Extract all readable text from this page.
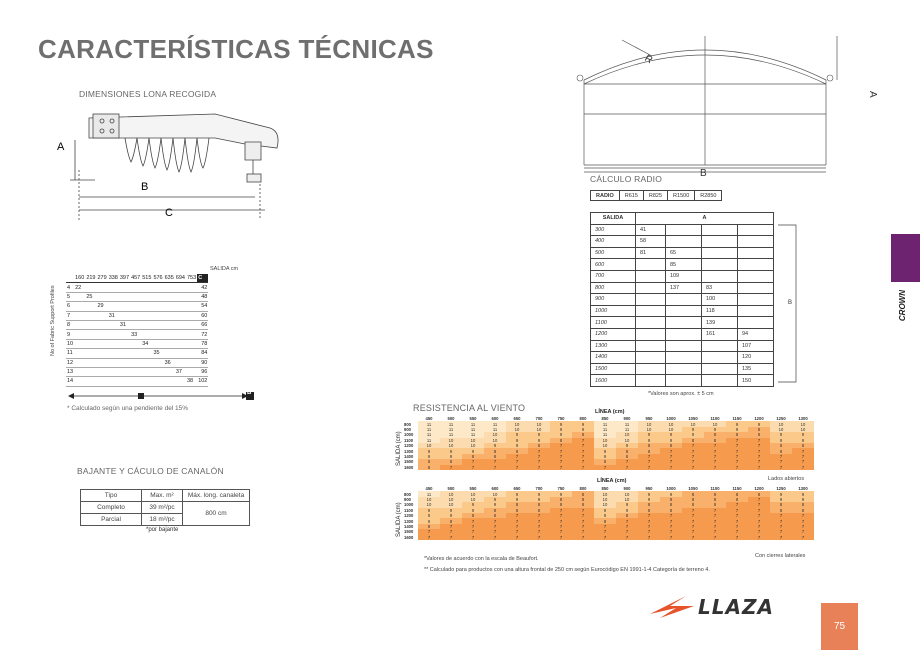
CARACTERÍSTICAS TÉCNICAS
DIMENSIONES LONA RECOGIDA
A
B
C
SALIDA cm
No of Fabric Support Profiles
	160	219	279	338	397	457	515	576	635	694	753	C
4	22											42
5		25										48
6			29									54
7				31								60
8					31							66
9						33						72
10							34					78
11								35				84
12									36			90
13										37		96
14											38	102
B
* Calculado según una pendiente del 15%
BAJANTE Y CÁCULO DE CANALÓN
Tipo	Max. m²	Máx. long. canaleta
Completo	39 m²/pc	800 cm
Parcial	18 m²/pc	
*por bajante
R
A
B
CÁLCULO RADIO
RADIO	R615	R825	R1500	R2850
SALIDA	A			
300	41			
400	58			
500	81	65		
600		85		
700		109		
800		137	83	
900			100	
1000			118	
1100			139	
1200			161	94
1300				107
1400				120
1500				135
1600				150
B
*Valores son aprox. ± 5 cm
RESISTENCIA AL VIENTO	LÍNEA (cm)
SALIDA (cm)
	450	500	550	600	650	700	750	800	850	900	950	1000	1050	1100	1150	1200	1250	1300
800	11	11	11	11	10	10	9	9	11	11	10	10	10	10	9	9	10	10
900	11	11	11	11	10	10	9	9	11	11	10	10	9	9	9	8	10	10
1000	11	11	11	10	9	9	9	8	11	10	9	9	9	8	8	8	9	9
1100	11	10	10	10	9	9	8	7	10	10	9	9	8	8	7	7	9	9
1200	10	10	10	9	9	8	7	7	10	9	8	8	7	7	7	7	8	8
1300	9	9	9	8	8	7	7	7	9	8	8	7	7	7	7	7	8	7
1400	9	9	8	8	7	7	7	7	9	8	7	7	7	7	7	7	7	7
1500	8	8	7	7	7	7	7	7	8	7	7	7	7	7	7	7	7	7
1600	8	7	7	7	7	7	7	7	7	7	7	7	7	7	7	7	7	7
Lados abiertos
LÍNEA (cm)
SALIDA (cm)
	450	500	550	600	650	700	750	800	850	900	950	1000	1050	1100	1150	1200	1250	1300
800	11	10	10	10	9	9	9	8	10	10	9	9	8	8	8	8	9	9
900	10	10	10	9	9	9	8	8	10	10	9	8	8	8	8	7	9	9
1000	10	10	9	9	8	8	8	8	10	9	8	8	8	8	7	7	8	8
1100	9	9	9	8	8	8	7	7	9	9	8	8	7	7	7	7	8	8
1200	9	9	8	8	7	7	7	7	9	8	7	7	7	7	7	7	7	7
1300	9	8	7	7	7	7	7	7	8	7	7	7	7	7	7	7	7	7
1400	8	7	7	7	7	7	7	7	7	7	7	7	7	7	7	7	7	7
1500	7	7	7	7	7	7	7	7	7	7	7	7	7	7	7	7	7	7
1600	7	7	7	7	7	7	7	7	7	7	7	7	7	7	7	7	7	7
Con cierres laterales
*Valores de acuerdo con la escala de Beaufort.
** Calculado para productos con una altura frontal de 250 cm según Eurocódigo EN 1991-1-4 Categoría de terreno 4.
CROWN
LLAZA
75
